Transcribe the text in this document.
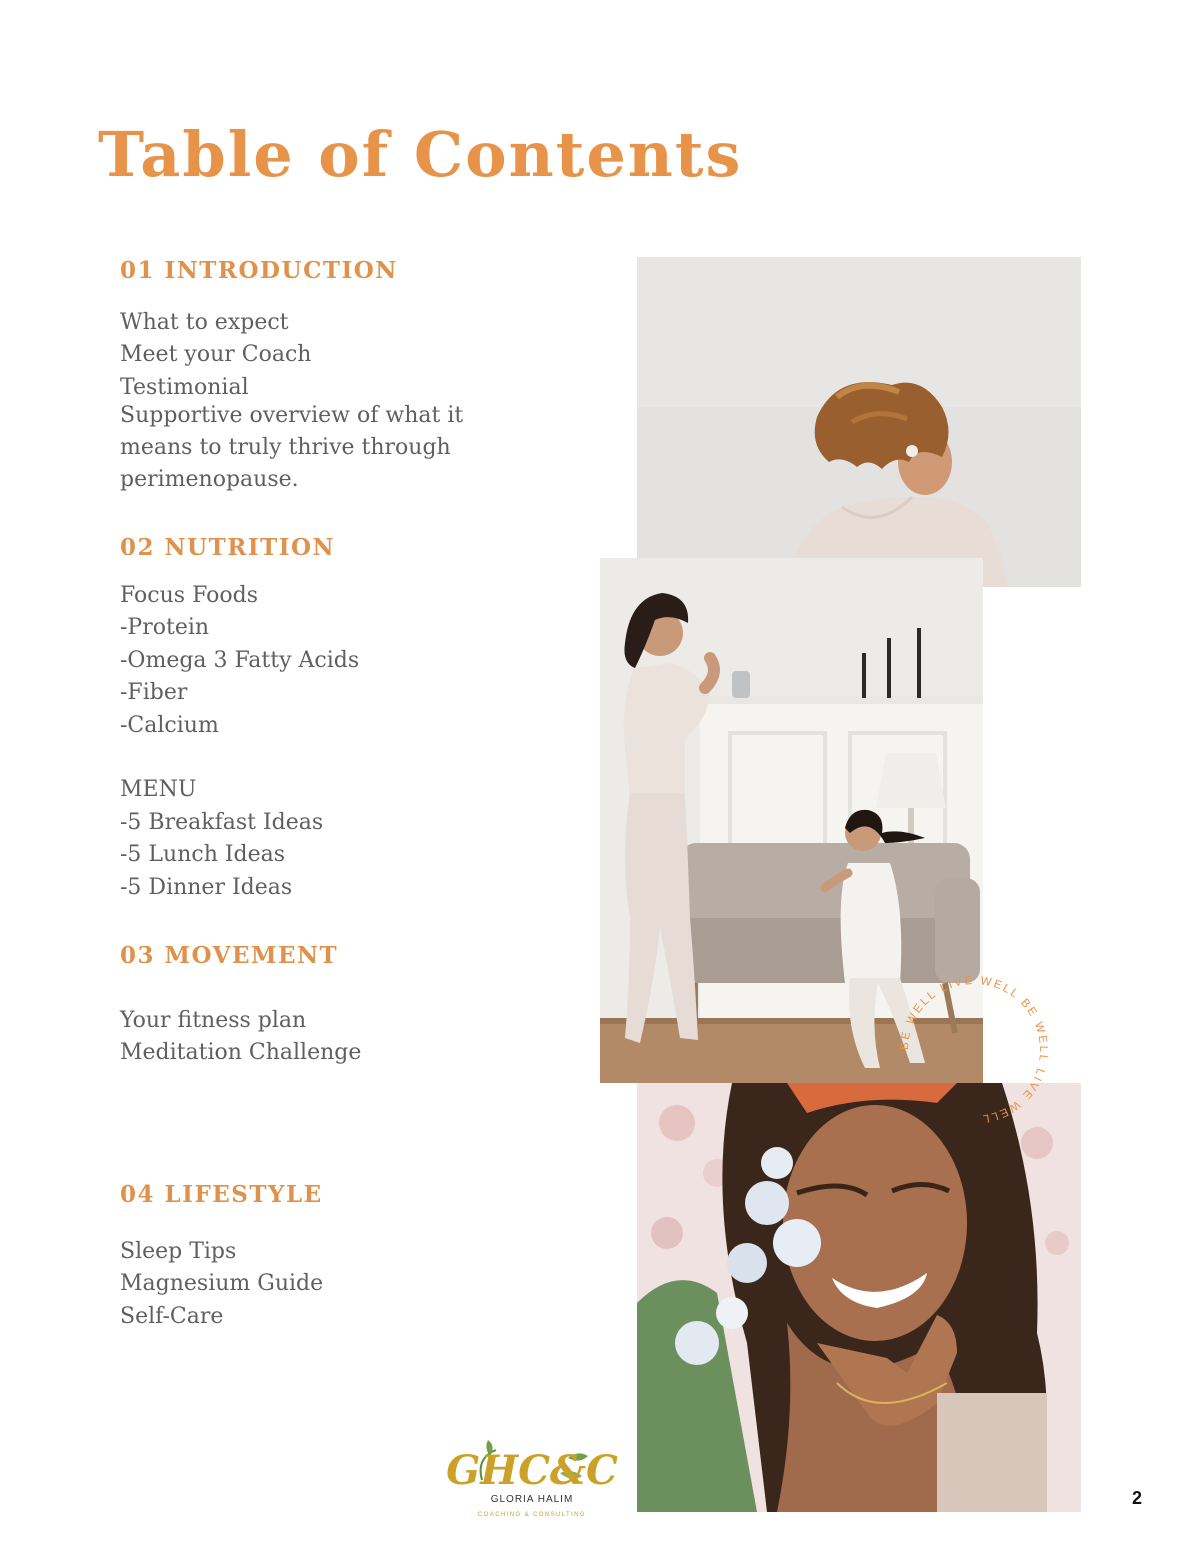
Table of Contents
01 INTRODUCTION
What to expect
Meet your Coach
Testimonial

Supportive overview of what it means to truly thrive through perimenopause.

02 NUTRITION
Focus Foods
-Protein
-Omega 3 Fatty Acids
-Fiber
-Calcium
MENU
-5 Breakfast Ideas
-5 Lunch Ideas
-5 Dinner Ideas
03 MOVEMENT
Your fitness plan
Meditation Challenge
04 LIFESTYLE
Sleep Tips
Magnesium Guide
Self-Care
BE WELL LIVE WELL BE WELL LIVE WELL
GHC&C
GLORIA HALIM
COACHING & CONSULTING
2
